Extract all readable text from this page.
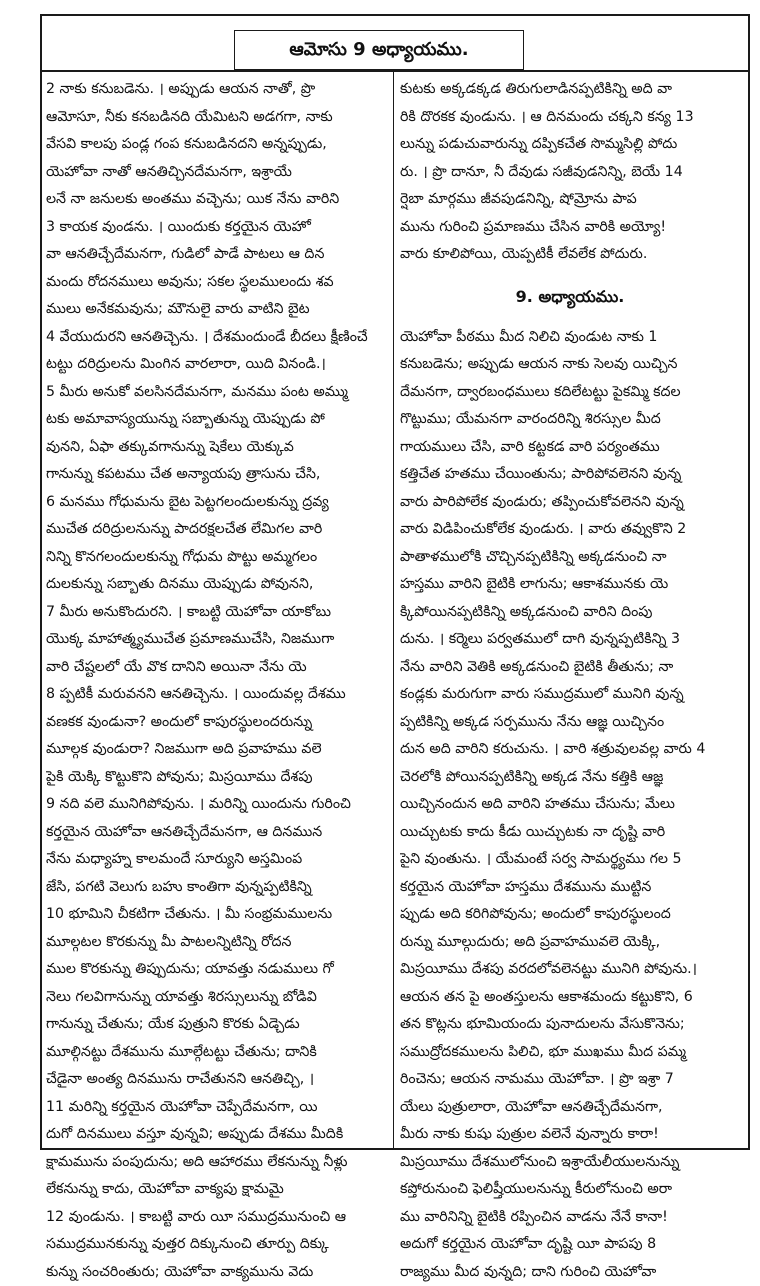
ఆమోసు 9 అధ్యాయము.
2 నాకు కనుబడెను. । అప్పుడు ఆయన నాతో, ప్రొ
ఆమోసూ, నీకు కనబడినది యేమిటని అడగగా, నాకు
వేసవి కాలపు పండ్ల గంప కనుబడినదని అన్నప్పుడు,
యెహోవా నాతో ఆనతిచ్చినదేమనగా, ఇశ్రాయే
లనే నా జనులకు అంతము వచ్చెను; యిక నేను వారిని
3 కాయక వుండను. । యిందుకు కర్తయైన యెహో
వా ఆనతిచ్చేదేమనగా, గుడిలో పాడే పాటలు ఆ దిన
మందు రోదనములు అవును; సకల స్థలములందు శవ
ములు అనేకమవును; మౌనులై వారు వాటిని బైట
4 వేయుదురని ఆనతిచ్చెను. । దేశమందుండే బీదలు క్షీణించే
టట్టు దరిద్రులను మింగిన వారలారా, యిది వినండి.।
5 మీరు అనుకో వలసినదేమనగా, మనము పంట అమ్ము
టకు అమావాస్యయున్ను సబ్బాతున్ను యెప్పుడు పో
వునని, ఏఫా తక్కువగానున్ను షెకేలు యెక్కువ
గానున్ను కపటము చేత అన్యాయపు త్రాసును చేసి,
6 మనము గోధుమను బైట పెట్టగలందులకున్ను ద్రవ్య
ముచేత దరిద్రులనున్ను పాదరక్షలచేత లేమిగల వారి
నిన్ని కొనగలందులకున్ను గోధుమ పొట్టు అమ్మగలం
దులకున్ను సబ్బాతు దినము యెప్పుడు పోవునని,
7 మీరు అనుకొందురని. । కాబట్టి యెహోవా యాకోబు
యొక్క మాహాత్మ్యముచేత ప్రమాణముచేసి, నిజముగా
వారి చేష్టలలో యే వొక దానిని అయినా నేను యె
8 ప్పటికీ మరువనని ఆనతిచ్చెను. । యిందువల్ల దేశము
వణకక వుండునా? అందులో కాపురస్థులందరున్ను
మూల్గక వుండురా? నిజముగా అది ప్రవాహము వలె
పైకి యెక్కి కొట్టుకొని పోవును; మిస్రయీము దేశపు
9 నది వలె మునిగిపోవును. । మరిన్ని యిందును గురించి
కర్తయైన యెహోవా ఆనతిచ్చేదేమనగా, ఆ దినమున
నేను మధ్యాహ్న కాలమందే సూర్యుని అస్తమింప
జేసి, పగటి వెలుగు బహు కాంతిగా వున్నప్పటికిన్ని
10 భూమిని చీకటిగా చేతును. । మీ సంభ్రమములను
మూల్గటల కొరకున్ను మీ పాటలన్నిటిన్ని రోదన
ముల కొరకున్ను తిప్పుదును; యావత్తు నడుములు గో
నెలు గలవిగానున్ను యావత్తు శిరస్సులున్ను బోడివి
గానున్ను చేతును; యేక పుత్రుని కొరకు ఏడ్చెడు
మూల్గినట్టు దేశమును మూల్గేటట్టు చేతును; దానికి
చేడైనా అంత్య దినమును రాచేతునని ఆనతిచ్చి, ।
11 మరిన్ని కర్తయైన యెహోవా చెప్పేదేమనగా, యి
దుగో దినములు వస్తూ వున్నవి; అప్పుడు దేశము మీదికి
క్షామమును పంపుదును; అది ఆహారము లేకనున్ను నీళ్లు
లేకనున్ను కాదు, యెహోవా వాక్యపు క్షామమై
12 వుండును. । కాబట్టి వారు యీ సముద్రమునుంచి ఆ
సముద్రమునకున్ను వుత్తర దిక్కునుంచి తూర్పు దిక్కు
కున్ను సంచరింతురు; యెహోవా వాక్యమును వెదు
కుటకు అక్కడక్కడ తిరుగులాడినప్పటికిన్ని అది వా
రికి దొరకక వుండును. । ఆ దినమందు చక్కని కన్య 13
లున్ను పడుచువారున్ను దప్పికచేత సొమ్మసిల్లి పోదు
రు. । ప్రొ దానూ, నీ దేవుడు సజీవుడనిన్ని, బెయే 14
ర్షెబా మార్గము జీవపుడనిన్ని, షోమ్రోను పాప
మును గురించి ప్రమాణము చేసిన వారికి అయ్యో!
వారు కూలిపోయి, యెప్పటికీ లేవలేక పోదురు.
9. అధ్యాయము.
యెహోవా పీఠము మీద నిలిచి వుండుట నాకు 1
కనుబడెను; అప్పుడు ఆయన నాకు సెలవు యిచ్చిన
దేమనగా, ద్వారబంధములు కదిలేటట్టు పైకమ్మి కదల
గొట్టుము; యేమనగా వారందరిన్ని శిరస్సుల మీద
గాయములు చేసి, వారి కట్టకడ వారి పర్యంతము
కత్తిచేత హతము చేయింతును; పారిపోవలెనని వున్న
వారు పారిపోలేక వుండురు; తప్పించుకోవలెనని వున్న
వారు విడిపించుకోలేక వుండురు. । వారు తవ్వుకొని 2
పాతాళములోకి చొచ్చినప్పటికిన్ని అక్కడనుంచి నా
హస్తము వారిని బైటికి లాగును; ఆకాశమునకు యె
క్కిపోయినప్పటికిన్ని అక్కడనుంచి వారిని దింపు
దును. । కర్మెలు పర్వతములో దాగి వున్నప్పటికిన్ని 3
నేను వారిని వెతికి అక్కడనుంచి బైటికి తీతును; నా
కండ్లకు మరుగుగా వారు సముద్రములో మునిగి వున్న
ప్పటికిన్ని అక్కడ సర్పమును నేను ఆజ్ఞ యిచ్చినం
దున అది వారిని కరుచును. । వారి శత్రువులవల్ల వారు 4
చెరలోకి పోయినప్పటికిన్ని అక్కడ నేను కత్తికి ఆజ్ఞ
యిచ్చినందున అది వారిని హతము చేసును; మేలు
యిచ్చుటకు కాదు కీడు యిచ్చుటకు నా దృష్టి వారి
పైని వుంతును. । యేమంటే సర్వ సామర్థ్యము గల 5
కర్తయైన యెహోవా హస్తము దేశమును ముట్టిన
ప్పుడు అది కరిగిపోవును; అందులో కాపురస్థులంద
రున్ను మూల్గుదురు; అది ప్రవాహమువలె యెక్కి,
మిస్రయీము దేశపు వరదలోవలెనట్టు మునిగి పోవును.।
ఆయన తన పై అంతస్తులను ఆకాశమందు కట్టుకొని, 6
తన కొట్లను భూమియందు పునాదులను వేసుకొనెను;
సముద్రోదకములను పిలిచి, భూ ముఖము మీద పమ్మ
రించెను; ఆయన నామము యెహోవా. । ప్రొ ఇశ్రా 7
యేలు పుత్రులారా, యెహోవా ఆనతిచ్చేదేమనగా,
మీరు నాకు కుషు పుత్రుల వలెనే వున్నారు కారా!
మిస్రయీము దేశములోనుంచి ఇశ్రాయేలీయులనున్ను
కప్తోరునుంచి ఫెలిష్తీయులనున్ను కీరులోనుంచి అరా
ము వారినిన్ని బైటికి రప్పించిన వాడను నేనే కానా!
అదుగో కర్తయైన యెహోవా దృష్టి యీ పాపపు 8
రాజ్యము మీద వున్నది; దాని గురించి యెహోవా
